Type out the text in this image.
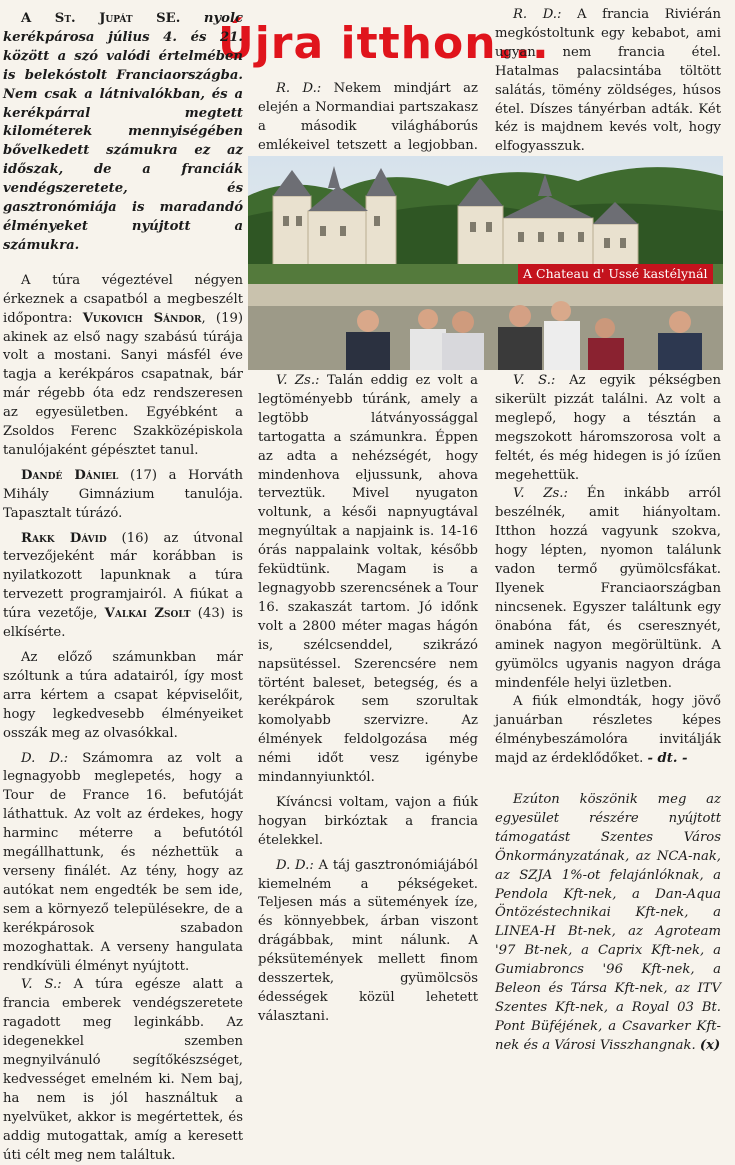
Újra itthon...

A St. Jupát SE. nyolc kerékpárosa július 4. és 21. között a szó valódi értelmében is belekóstolt Franciaországba. Nem csak a látnivalókban, és a kerékpárral megtett kilométerek mennyiségében bővelkedett számukra ez az időszak, de a franciák vendégszeretete, és gasztronómiája is maradandó élményeket nyújtott a számukra.

A túra végeztével négyen érkeznek a csapatból a megbeszélt időpontra: Vukovich Sándor, (19) akinek az első nagy szabású túrája volt a mostani. Sanyi másfél éve tagja a kerékpáros csapatnak, bár már régebb óta edz rendszeresen az egyesületben. Egyébként a Zsoldos Ferenc Szakközépiskola tanulójaként gépésztet tanul.

Dandé Dániel (17) a Horváth Mihály Gimnázium tanulója. Tapasztalt túrázó.

Rakk Dávid (16) az útvonal tervezőjeként már korábban is nyilatkozott lapunknak a túra tervezett programjairól. A fiúkat a túra vezetője, Valkai Zsolt (43) is elkísérte.

Az előző számunkban már szóltunk a túra adatairól, így most arra kértem a csapat képviselőit, hogy legkedvesebb élményeiket osszák meg az olvasókkal.

D. D.: Számomra az volt a legnagyobb meglepetés, hogy a Tour de France 16. befutóját láthattuk. Az volt az érdekes, hogy harminc méterre a befutótól megállhattunk, és nézhettük a verseny finálét. Az tény, hogy az autókat nem engedték be sem ide, sem a környező településekre, de a kerékpárosok szabadon mozoghattak. A verseny hangulata rendkívüli élményt nyújtott.

V. S.: A túra egésze alatt a francia emberek vendégszeretete ragadott meg leginkább. Az idegenekkel szemben megnyilvánuló segítőkészséget, kedvességet emelném ki. Nem baj, ha nem is jól használtuk a nyelvüket, akkor is megértettek, és addig mutogattak, amíg a keresett úti célt meg nem találtuk.

R. D.: Nekem mindjárt az elején a Normandiai partszakasz a második világháborús emlékeivel tetszett a legjobban.

A Chateau d' Ussé kastélynál

V. Zs.: Talán eddig ez volt a legtöményebb túránk, amely a legtöbb látványossággal tartogatta a számunkra. Éppen az adta a nehézségét, hogy mindenhova eljussunk, ahova terveztük. Mivel nyugaton voltunk, a késői napnyugtával megnyúltak a napjaink is. 14-16 órás nappalaink voltak, később feküdtünk. Magam is a legnagyobb szerencsének a Tour 16. szakaszát tartom. Jó időnk volt a 2800 méter magas hágón is, szélcsenddel, szikrázó napsütéssel. Szerencsére nem történt baleset, betegség, és a kerékpárok sem szorultak komolyabb szervizre. Az élmények feldolgozása még némi időt vesz igénybe mindannyiunktól.

Kíváncsi voltam, vajon a fiúk hogyan birkóztak a francia ételekkel.

D. D.: A táj gasztronómiájából kiemelném a pékségeket. Teljesen más a sütemények íze, és könnyebbek, árban viszont drágábbak, mint nálunk. A péksütemények mellett finom desszertek, gyümölcsös édességek közül lehetett választani.

R. D.: A francia Riviérán megkóstoltunk egy kebabot, ami ugyan nem francia étel. Hatalmas palacsintába töltött salátás, tömény zöldséges, húsos étel. Díszes tányérban adták. Két kéz is majdnem kevés volt, hogy elfogyasszuk.

V. S.: Az egyik pékségben sikerült pizzát találni. Az volt a meglepő, hogy a tésztán a megszokott háromszorosa volt a feltét, és még hidegen is jó ízűen megehettük.

V. Zs.: Én inkább arról beszélnék, amit hiányoltam. Itthon hozzá vagyunk szokva, hogy lépten, nyomon találunk vadon termő gyümölcsfákat. Ilyenek Franciaországban nincsenek. Egyszer találtunk egy önabóna fát, és cseresznyét, aminek nagyon megörültünk. A gyümölcs ugyanis nagyon drága mindenféle helyi üzletben.

A fiúk elmondták, hogy jövő januárban részletes képes élménybeszámolóra invitálják majd az érdeklődőket. - dt. -

Ezúton köszönik meg az egyesület részére nyújtott támogatást Szentes Város Önkormányzatának, az NCA-nak, az SZJA 1%-ot felajánlóknak, a Pendola Kft-nek, a Dan-Aqua Öntözéstechnikai Kft-nek, a LINEA-H Bt-nek, az Agroteam '97 Bt-nek, a Caprix Kft-nek, a Gumiabroncs '96 Kft-nek, a Beleon és Társa Kft-nek, az ITV Szentes Kft-nek, a Royal 03 Bt. Pont Büféjének, a Csavarker Kft-nek és a Városi Visszhangnak. (x)
